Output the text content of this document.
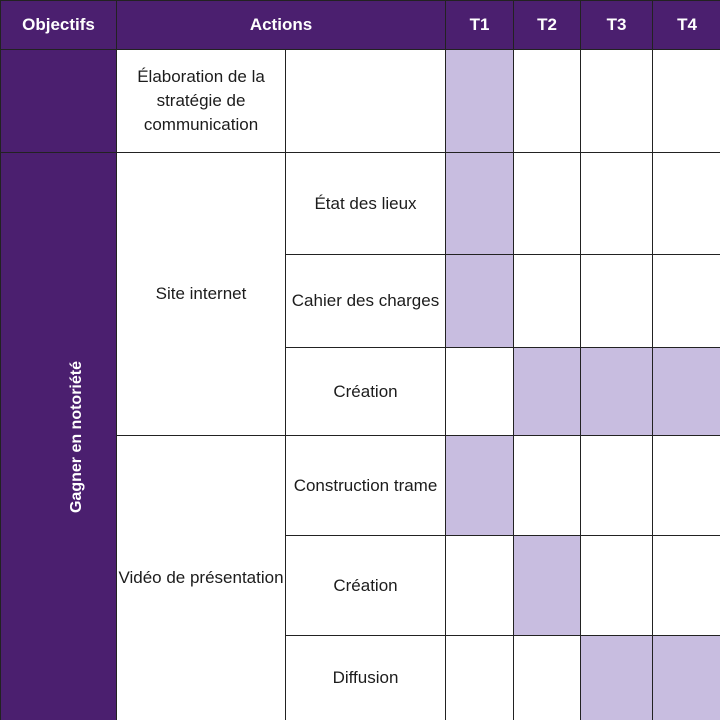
Objectifs	Actions		T1	T2	T3	T4
	Élaboration de la stratégie de communication					
Gagner en notoriété	Site internet	État des lieux				
		Cahier des charges				
		Création				
	Vidéo de présentation	Construction trame				
		Création				
		Diffusion				
